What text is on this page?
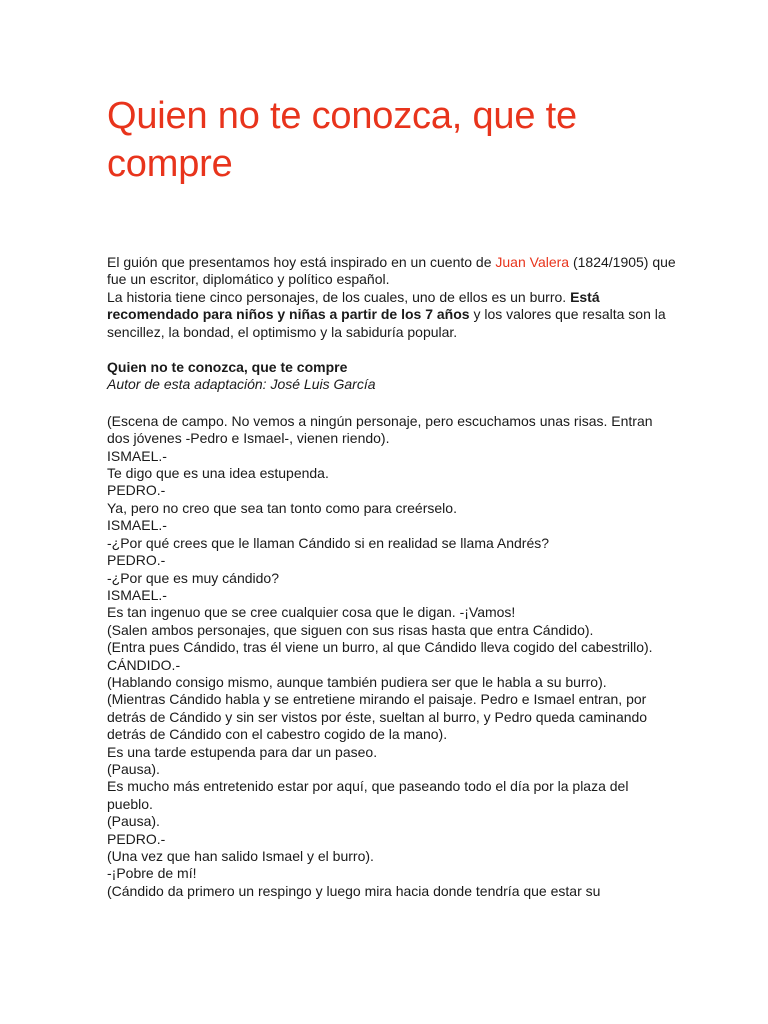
Quien no te conozca, que te compre

El guión que presentamos hoy está inspirado en un cuento de Juan Valera (1824/1905) que fue un escritor, diplomático y político español.

La historia tiene cinco personajes, de los cuales, uno de ellos es un burro. Está recomendado para niños y niñas a partir de los 7 años y los valores que resalta son la sencillez, la bondad, el optimismo y la sabiduría popular.

Quien no te conozca, que te compre
Autor de esta adaptación: José Luis García

(Escena de campo. No vemos a ningún personaje, pero escuchamos unas risas. Entran dos jóvenes -Pedro e Ismael-, vienen riendo).

ISMAEL.-

Te digo que es una idea estupenda.

PEDRO.-

Ya, pero no creo que sea tan tonto como para creérselo.

ISMAEL.-

-¿Por qué crees que le llaman Cándido si en realidad se llama Andrés?

PEDRO.-

-¿Por que es muy cándido?

ISMAEL.-

Es tan ingenuo que se cree cualquier cosa que le digan. -¡Vamos!

(Salen ambos personajes, que siguen con sus risas hasta que entra Cándido).

(Entra pues Cándido, tras él viene un burro, al que Cándido lleva cogido del cabestrillo).

CÁNDIDO.-

(Hablando consigo mismo, aunque también pudiera ser que le habla a su burro).

(Mientras Cándido habla y se entretiene mirando el paisaje. Pedro e Ismael entran, por detrás de Cándido y sin ser vistos por éste, sueltan al burro, y Pedro queda caminando detrás de Cándido con el cabestro cogido de la mano).

Es una tarde estupenda para dar un paseo.

(Pausa).

Es mucho más entretenido estar por aquí, que paseando todo el día por la plaza del pueblo.

(Pausa).

PEDRO.-

(Una vez que han salido Ismael y el burro).

-¡Pobre de mí!

(Cándido da primero un respingo y luego mira hacia donde tendría que estar su
